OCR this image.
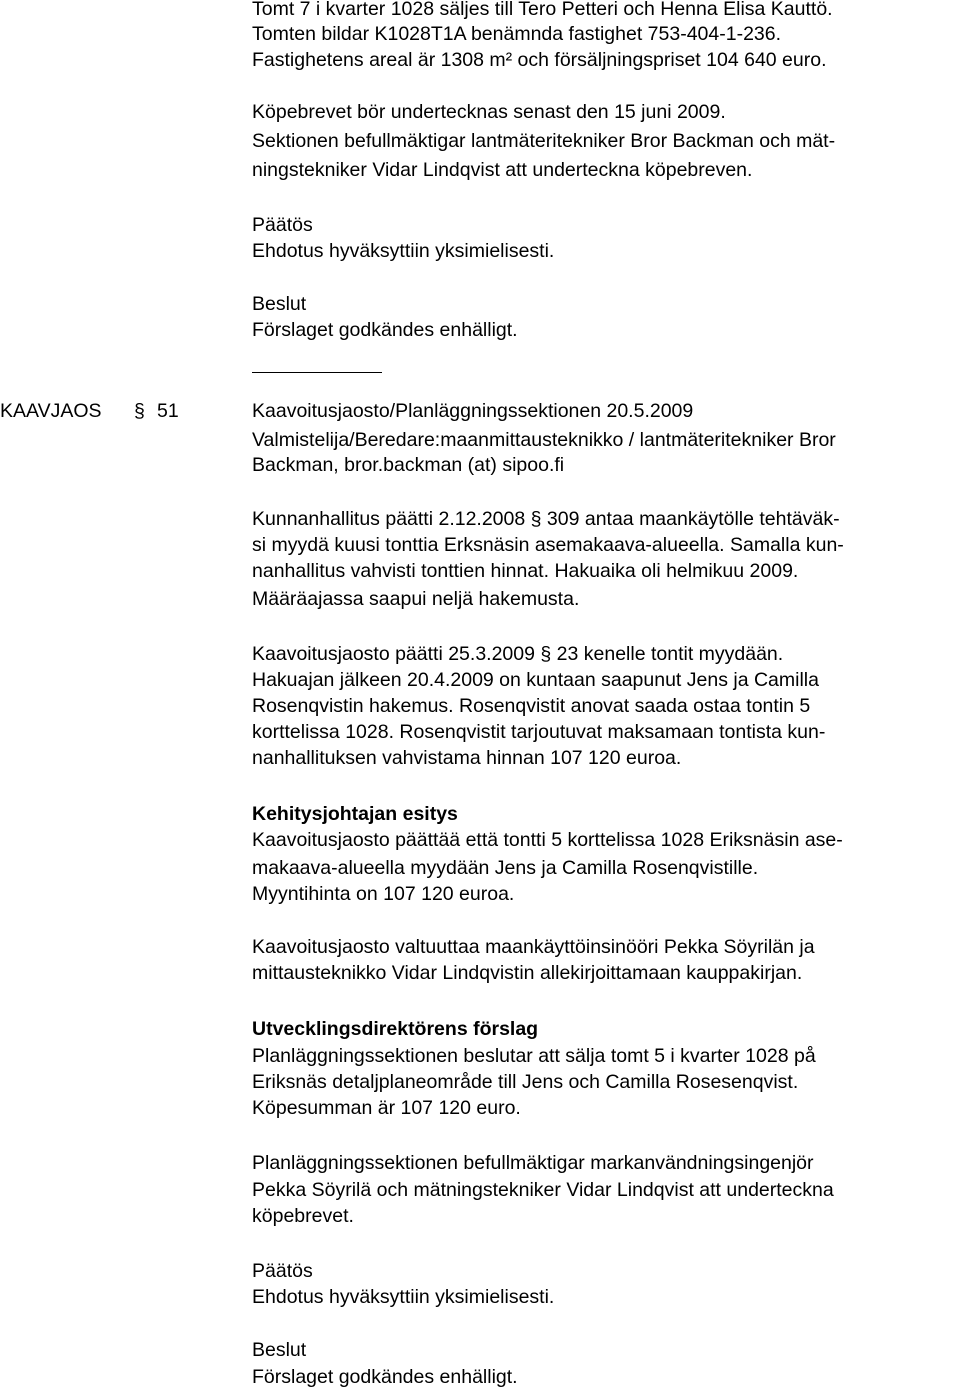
Tomt 7 i kvarter 1028 säljes till Tero Petteri och Henna Elisa Kauttö.
Tomten bildar K1028T1A benämnda fastighet 753-404-1-236.
Fastighetens areal är 1308 m² och försäljningspriset 104 640 euro.
Köpebrevet bör undertecknas senast den 15 juni 2009.
Sektionen befullmäktigar lantmäteritekniker Bror Backman och mät-
ningstekniker Vidar Lindqvist att underteckna köpebreven.
Päätös
Ehdotus hyväksyttiin yksimielisesti.
Beslut
Förslaget godkändes enhälligt.
KAAVJAOS § 51	Kaavoitusjaosto/Planläggningssektionen 20.5.2009
Valmistelija/Beredare:maanmittausteknikko / lantmäteritekniker Bror
Backman, bror.backman (at) sipoo.fi
Kunnanhallitus päätti 2.12.2008 § 309 antaa maankäytölle tehtäväk-
si myydä kuusi tonttia Erksnäsin asemakaava-alueella. Samalla kun-
nanhallitus vahvisti tonttien hinnat. Hakuaika oli helmikuu 2009.
Määräajassa saapui neljä hakemusta.
Kaavoitusjaosto päätti 25.3.2009 § 23 kenelle tontit myydään.
Hakuajan jälkeen 20.4.2009 on kuntaan saapunut Jens ja Camilla
Rosenqvistin hakemus. Rosenqvistit anovat saada ostaa tontin 5
korttelissa 1028. Rosenqvistit tarjoutuvat maksamaan tontista kun-
nanhallituksen vahvistama hinnan 107 120 euroa.
Kehitysjohtajan esitys
Kaavoitusjaosto päättää että tontti 5 korttelissa 1028 Eriksnäsin ase-
makaava-alueella myydään Jens ja Camilla Rosenqvistille.
Myyntihinta on 107 120 euroa.
Kaavoitusjaosto valtuuttaa maankäyttöinsinööri Pekka Söyrilän ja
mittausteknikko Vidar Lindqvistin allekirjoittamaan kauppakirjan.
Utvecklingsdirektörens förslag
Planläggningssektionen beslutar att sälja tomt 5 i kvarter 1028 på
Eriksnäs detaljplaneområde till Jens och Camilla Rosesenqvist.
Köpesumman är 107 120 euro.
Planläggningssektionen befullmäktigar markanvändningsingenjör
Pekka Söyrilä och mätningstekniker Vidar Lindqvist att underteckna
köpebrevet.
Päätös
Ehdotus hyväksyttiin yksimielisesti.
Beslut
Förslaget godkändes enhälligt.
